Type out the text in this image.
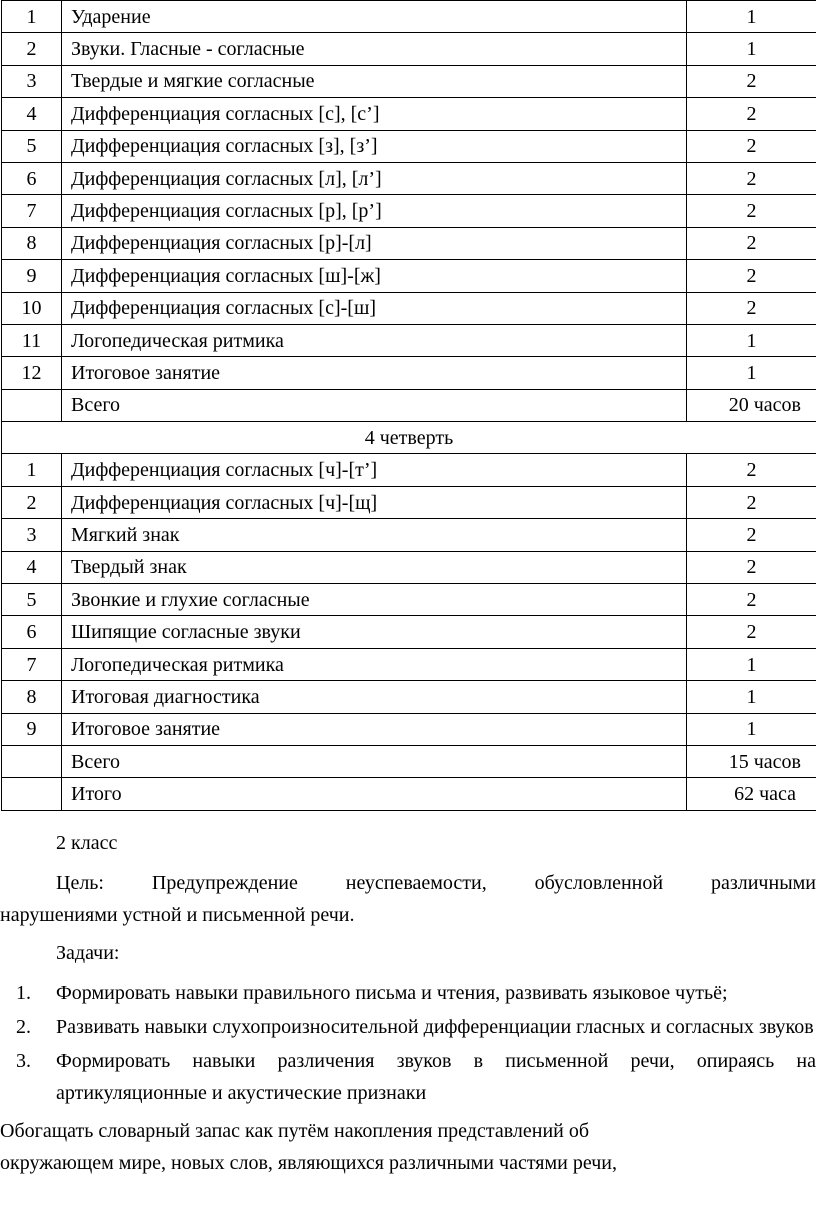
1	Ударение	1
2	Звуки. Гласные - согласные	1
3	Твердые и мягкие согласные	2
4	Дифференциация согласных [с], [с’]	2
5	Дифференциация согласных [з], [з’]	2
6	Дифференциация согласных [л], [л’]	2
7	Дифференциация согласных [р], [р’]	2
8	Дифференциация согласных [р]-[л]	2
9	Дифференциация согласных [ш]-[ж]	2
10	Дифференциация согласных [с]-[ш]	2
11	Логопедическая ритмика	1
12	Итоговое занятие	1
	Всего	20 часов
4 четверть		
1	Дифференциация согласных [ч]-[т’]	2
2	Дифференциация согласных [ч]-[щ]	2
3	Мягкий знак	2
4	Твердый знак	2
5	Звонкие и глухие согласные	2
6	Шипящие согласные звуки	2
7	Логопедическая ритмика	1
8	Итоговая диагностика	1
9	Итоговое занятие	1
	Всего	15 часов
	Итого	62 часа
2 класс
Цель: Предупреждение неуспеваемости, обусловленной различными
нарушениями устной и письменной речи.
Задачи:
1. Формировать навыки правильного письма и чтения, развивать языковое чутьё;
2. Развивать навыки слухопроизносительной дифференциации гласных и согласных звуков
3. Формировать навыки различения звуков в письменной речи, опираясь на артикуляционные и акустические признаки
Обогащать словарный запас как путём накопления представлений об
окружающем мире, новых слов, являющихся различными частями речи,
